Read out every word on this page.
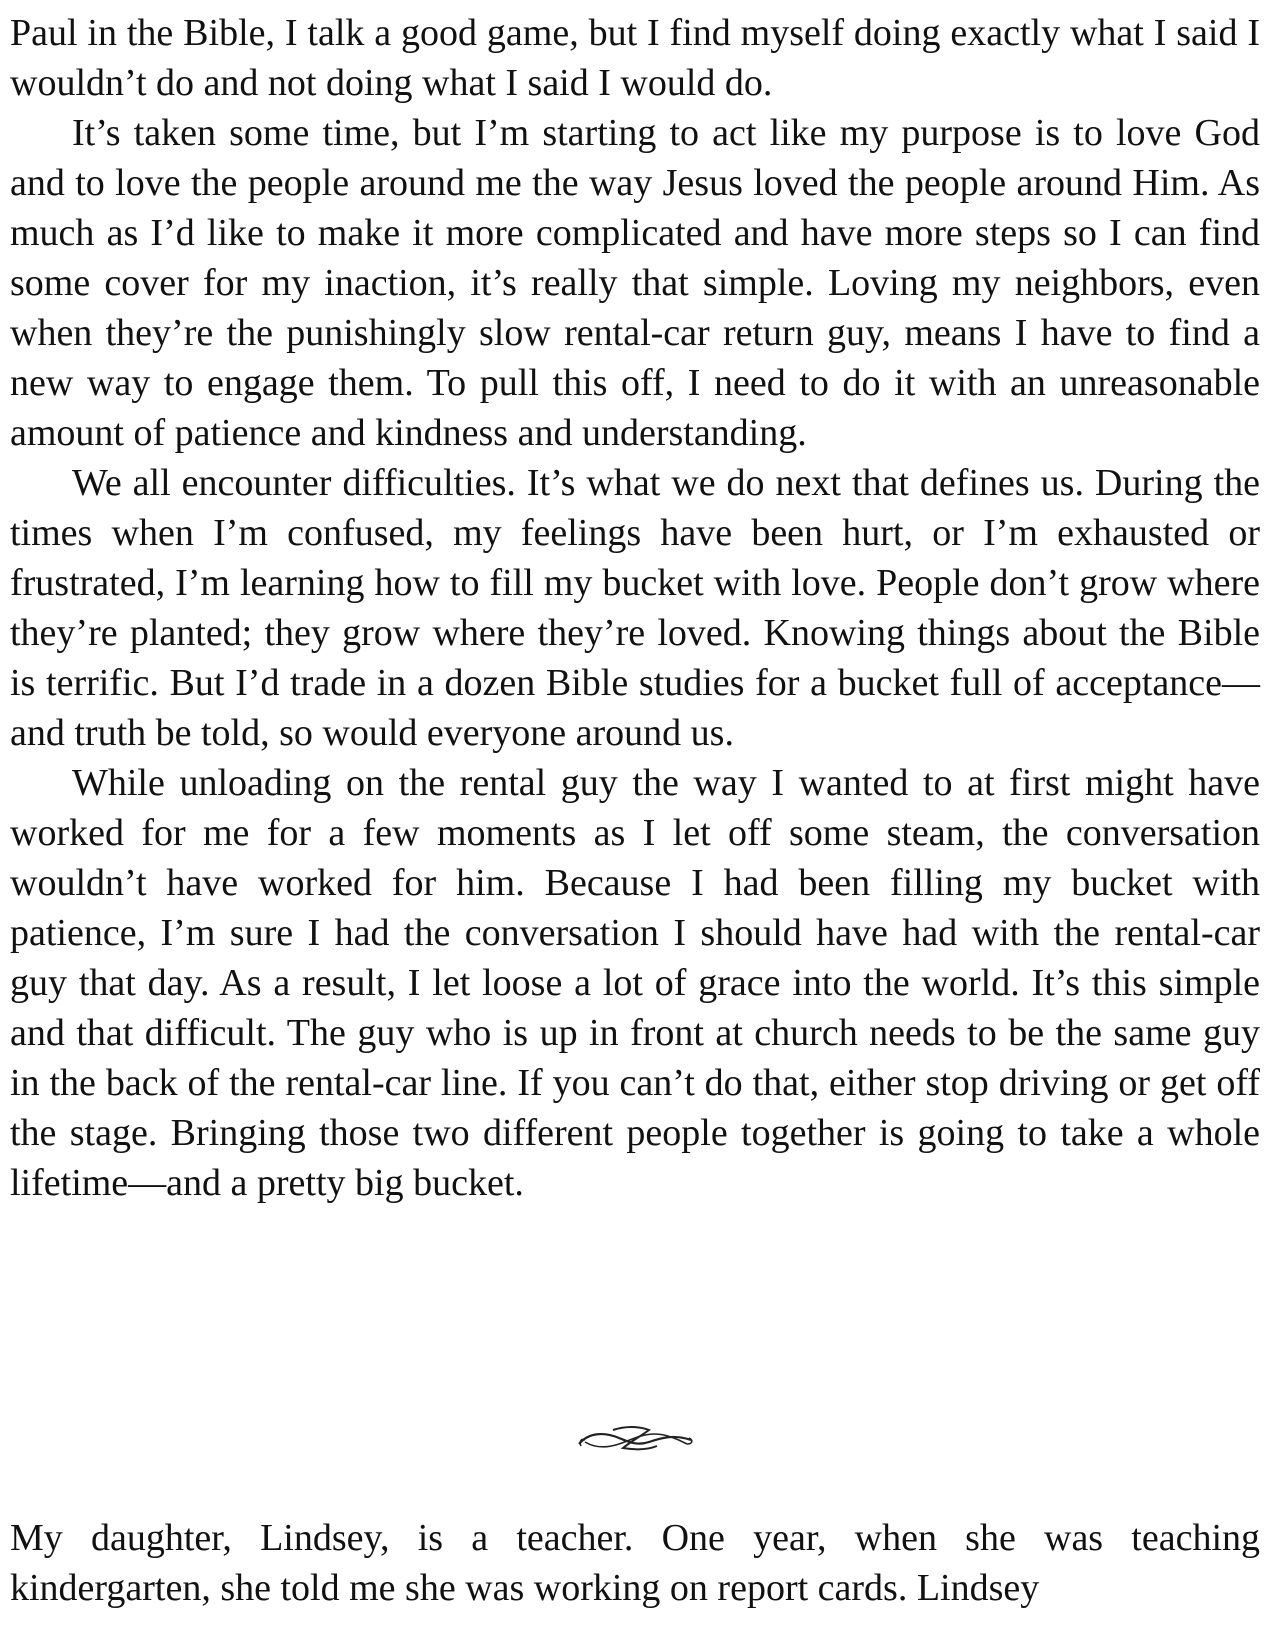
Paul in the Bible, I talk a good game, but I find myself doing exactly what I said I wouldn’t do and not doing what I said I would do.

It’s taken some time, but I’m starting to act like my purpose is to love God and to love the people around me the way Jesus loved the people around Him. As much as I’d like to make it more complicated and have more steps so I can find some cover for my inaction, it’s really that simple. Loving my neighbors, even when they’re the punishingly slow rental-car return guy, means I have to find a new way to engage them. To pull this off, I need to do it with an unreasonable amount of patience and kindness and understanding.

We all encounter difficulties. It’s what we do next that defines us. During the times when I’m confused, my feelings have been hurt, or I’m exhausted or frustrated, I’m learning how to fill my bucket with love. People don’t grow where they’re planted; they grow where they’re loved. Knowing things about the Bible is terrific. But I’d trade in a dozen Bible studies for a bucket full of acceptance—and truth be told, so would everyone around us.

While unloading on the rental guy the way I wanted to at first might have worked for me for a few moments as I let off some steam, the conversation wouldn’t have worked for him. Because I had been filling my bucket with patience, I’m sure I had the conversation I should have had with the rental-car guy that day. As a result, I let loose a lot of grace into the world. It’s this simple and that difficult. The guy who is up in front at church needs to be the same guy in the back of the rental-car line. If you can’t do that, either stop driving or get off the stage. Bringing those two different people together is going to take a whole lifetime—and a pretty big bucket.

My daughter, Lindsey, is a teacher. One year, when she was teaching kindergarten, she told me she was working on report cards. Lindsey
